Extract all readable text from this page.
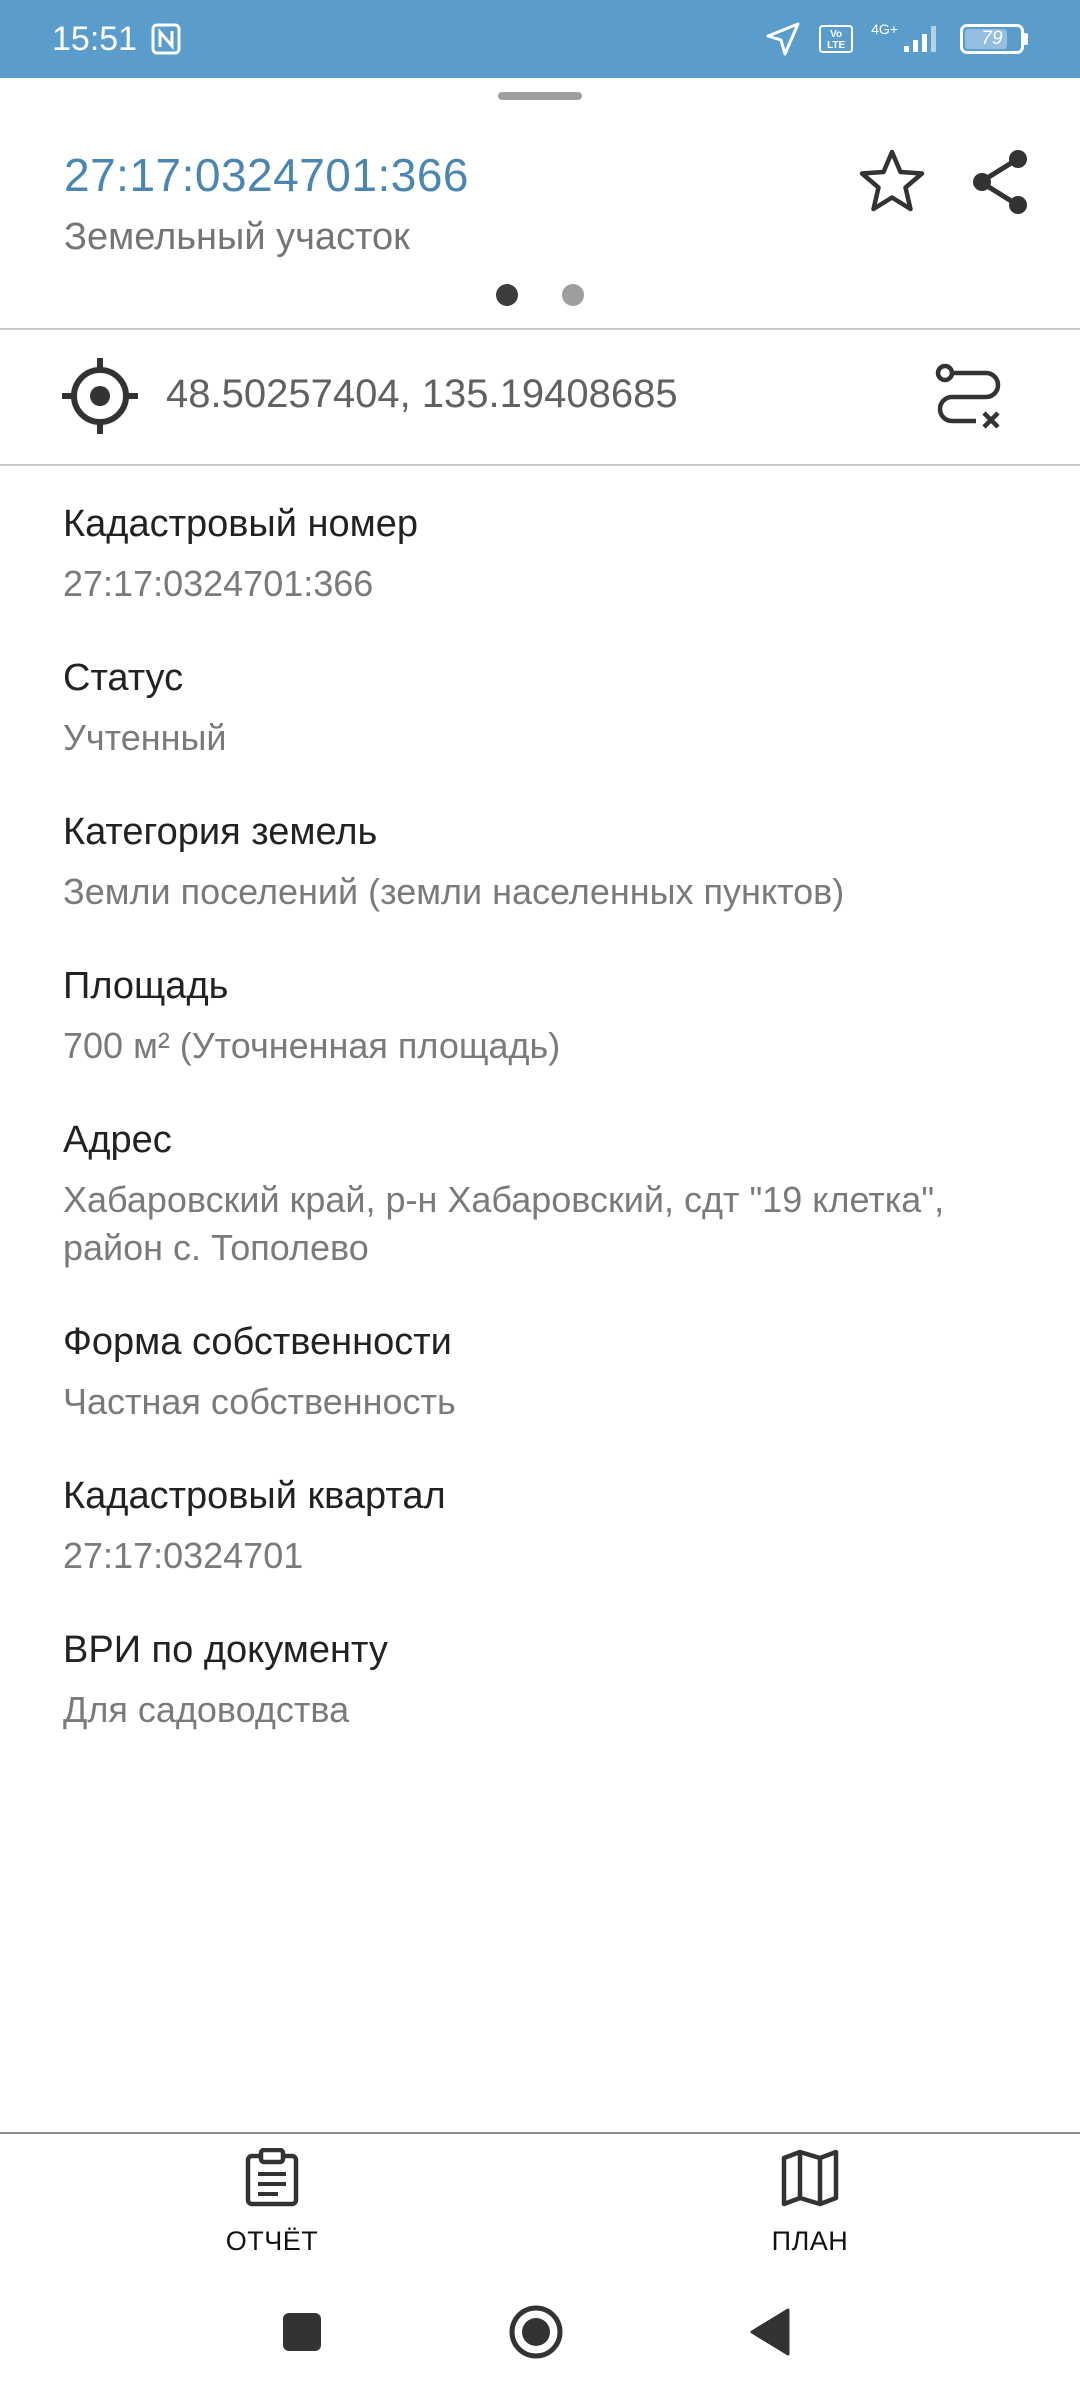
15:51	Vo LTE
4G+	79
27:17:0324701:366
Земельный участок
48.50257404, 135.19408685
Кадастровый номер
27:17:0324701:366
Статус
Учтенный
Категория земель
Земли поселений (земли населенных пунктов)
Площадь
700 м² (Уточненная площадь)
Адрес
Хабаровский край, р-н Хабаровский, сдт "19 клетка", район с. Тополево
Форма собственности
Частная собственность
Кадастровый квартал
27:17:0324701
ВРИ по документу
Для садоводства
ОТЧЁТ	ПЛАН
